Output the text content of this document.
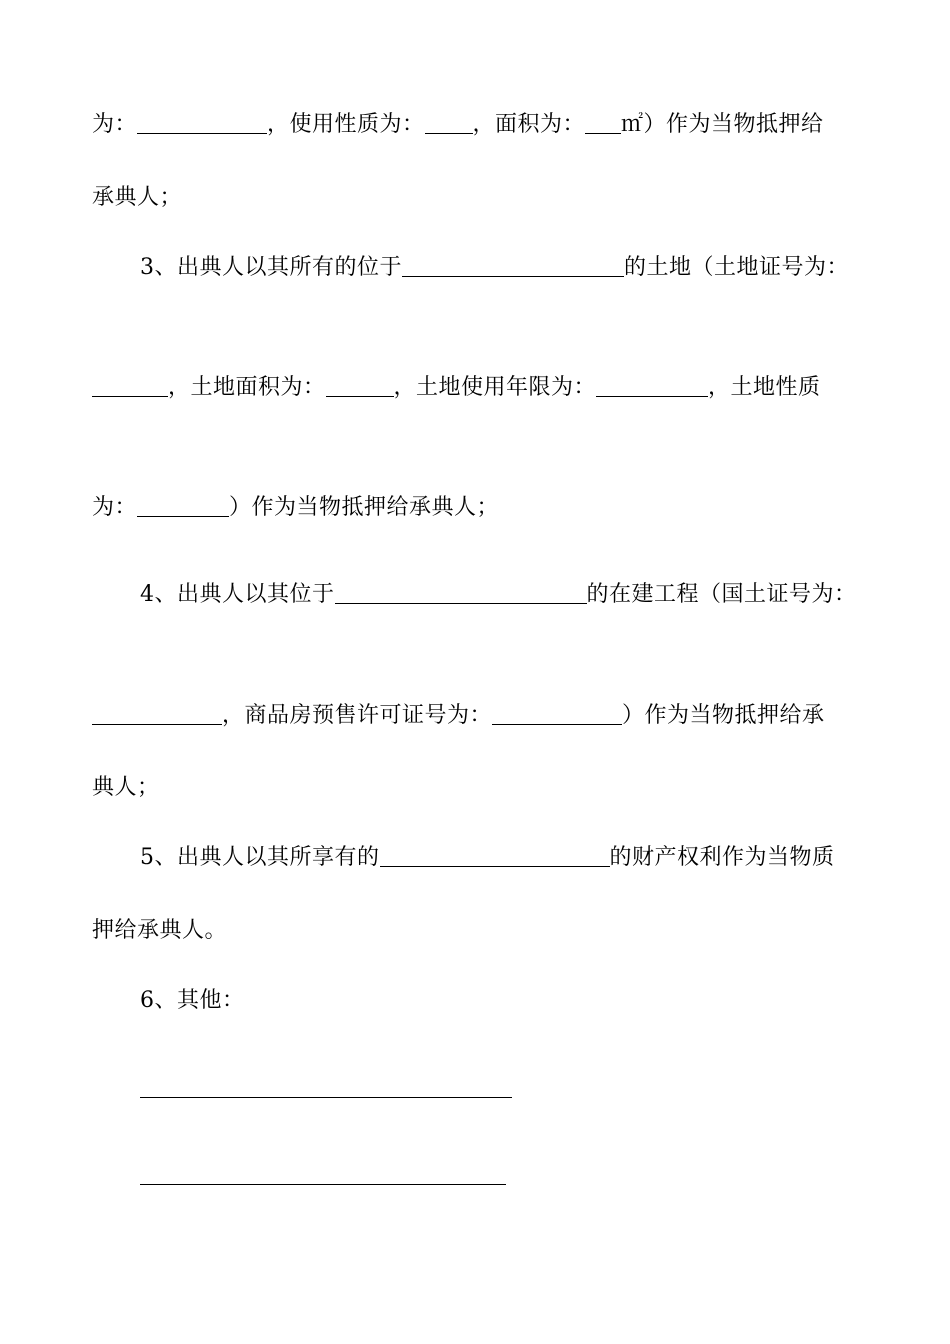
为：	，使用性质为： ，面积为： ㎡）作为当物抵押给
承典人；
3、出典人以其所有的位于	的土地（土地证号为：
，土地面积为：	，土地使用年限为：	，土地性质
为：	）作为当物抵押给承典人；
4、出典人以其位于	的在建工程（国土证号为：
，商品房预售许可证号为：	）作为当物抵押给承
典人；
5、出典人以其所享有的	的财产权利作为当物质
押给承典人。
6、其他：
